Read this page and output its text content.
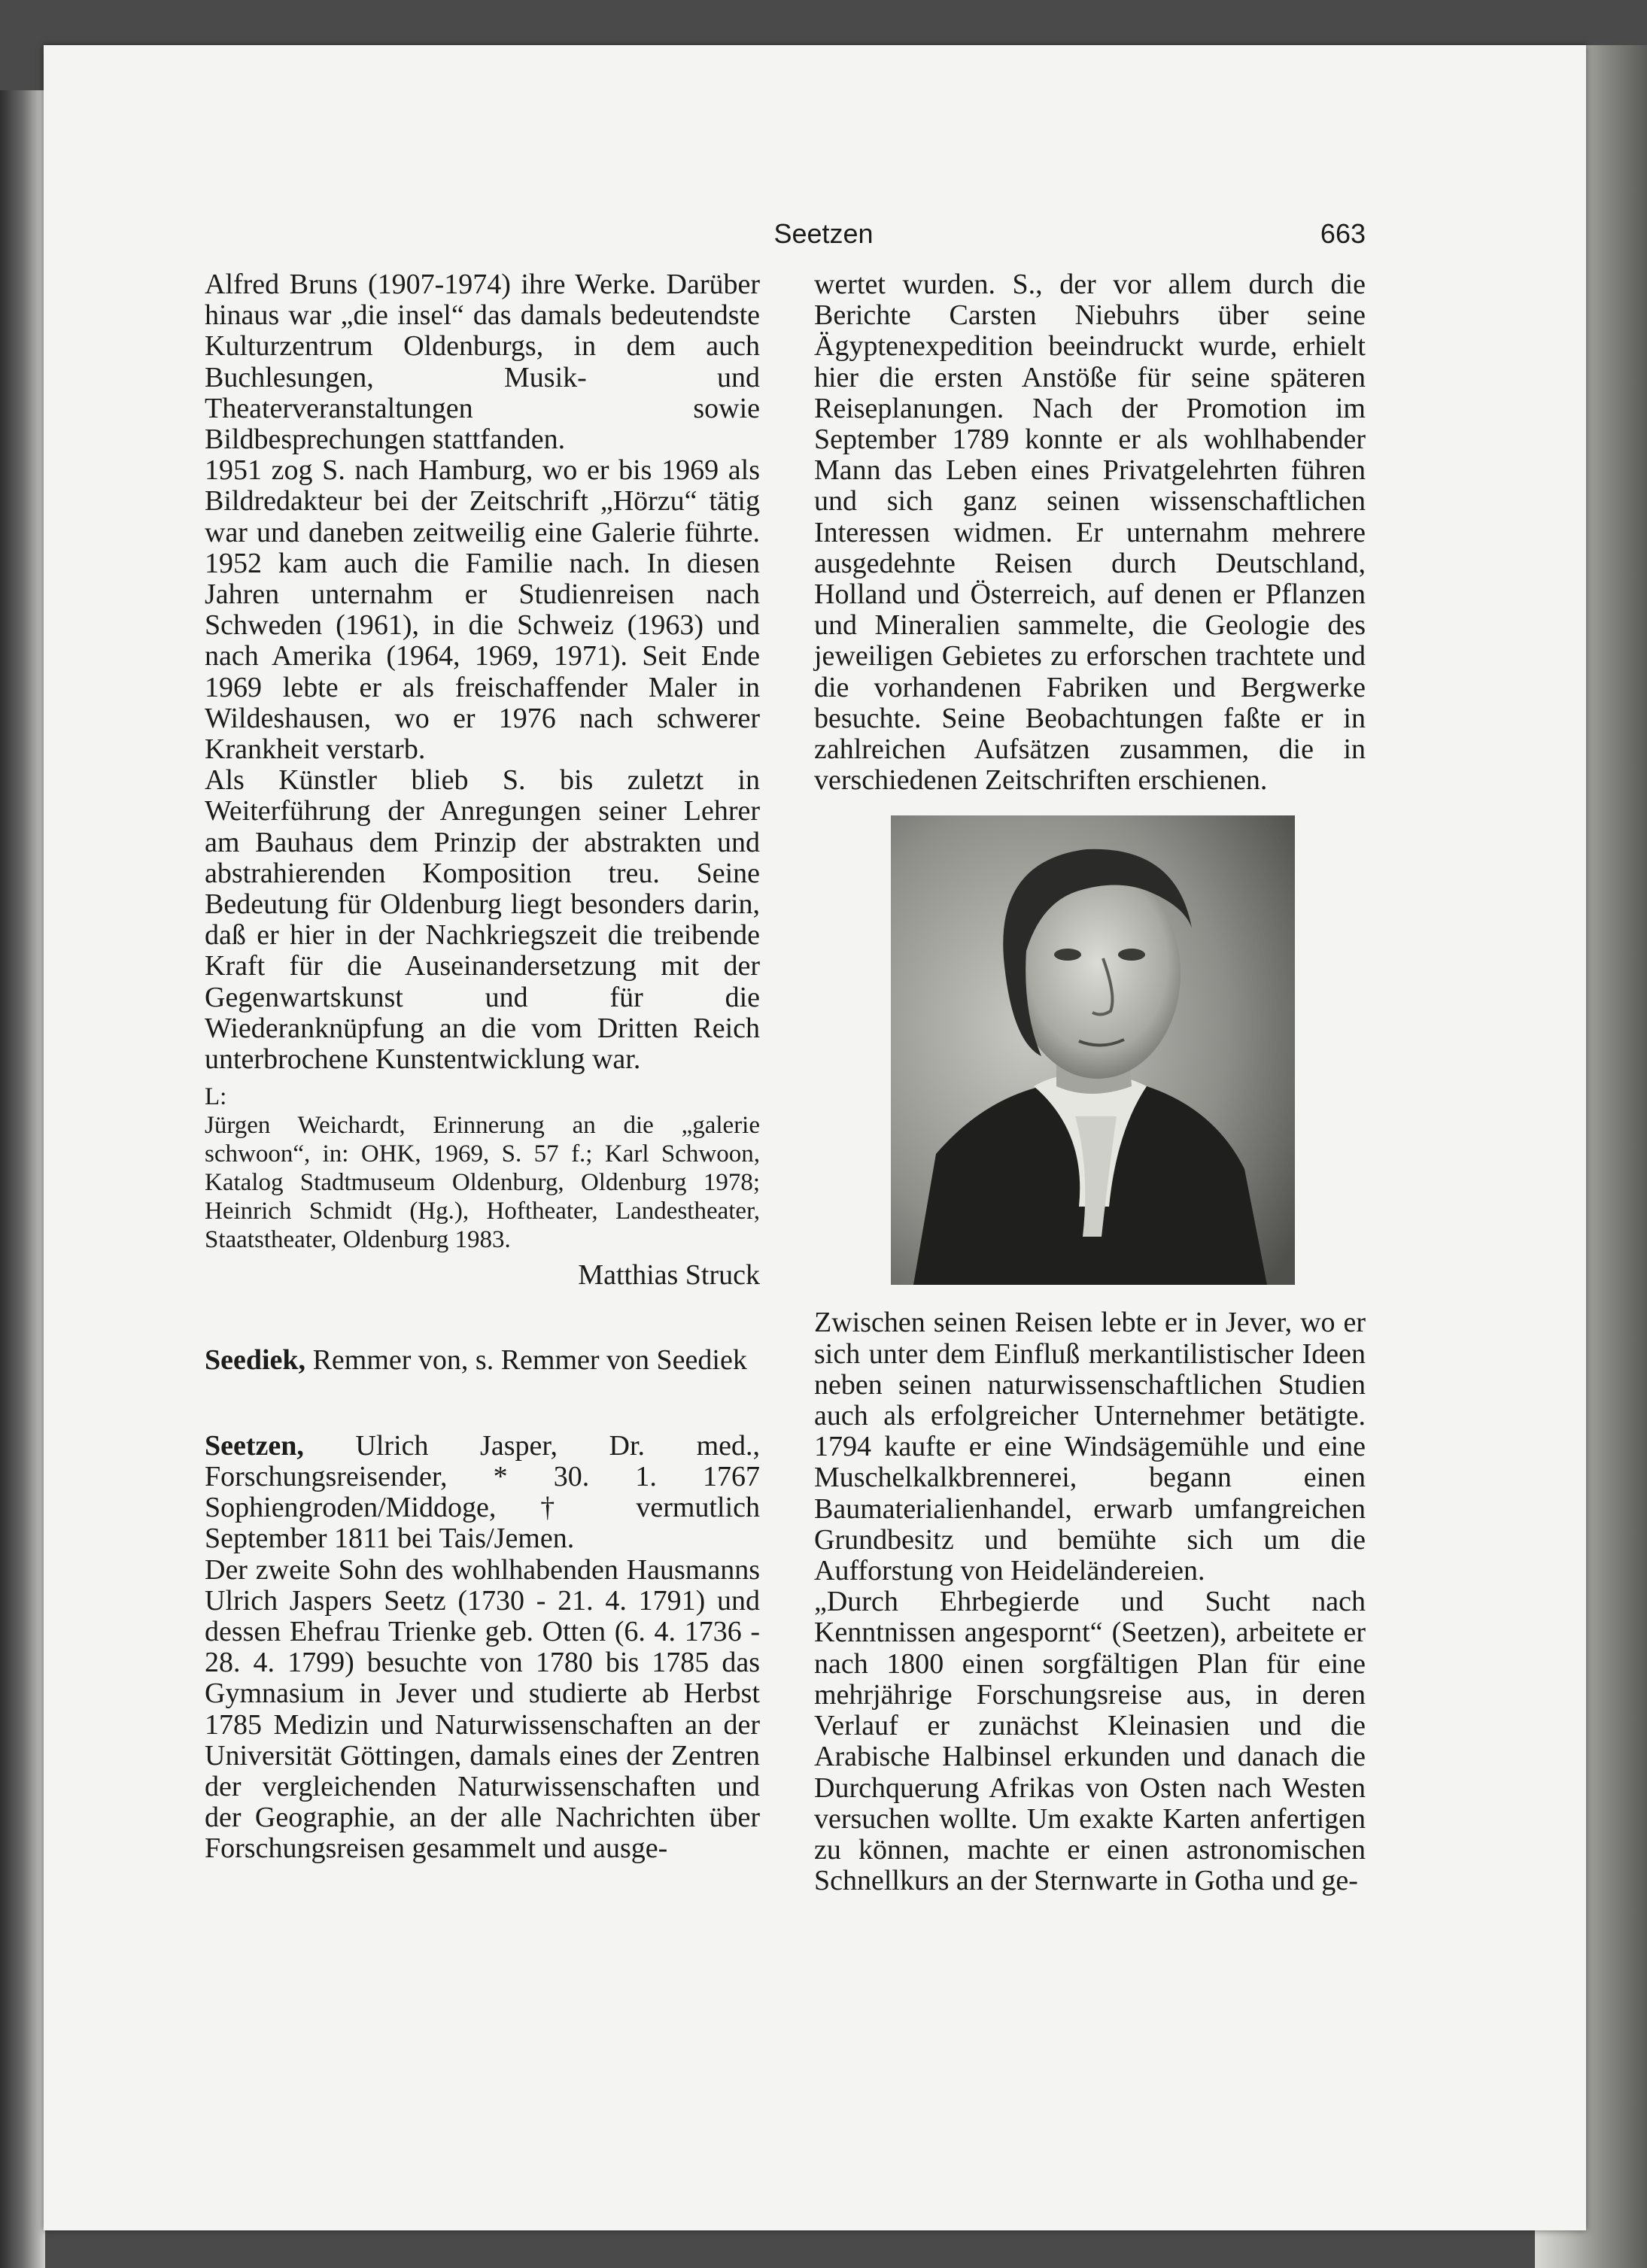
Seetzen	663

Alfred Bruns (1907-1974) ihre Werke. Darüber hinaus war „die insel“ das damals bedeutendste Kulturzentrum Oldenburgs, in dem auch Buchlesungen, Musik- und Theaterveranstaltungen sowie Bildbesprechungen stattfanden.

1951 zog S. nach Hamburg, wo er bis 1969 als Bildredakteur bei der Zeitschrift „Hörzu“ tätig war und daneben zeitweilig eine Galerie führte. 1952 kam auch die Familie nach. In diesen Jahren unternahm er Studienreisen nach Schweden (1961), in die Schweiz (1963) und nach Amerika (1964, 1969, 1971). Seit Ende 1969 lebte er als freischaffender Maler in Wildeshausen, wo er 1976 nach schwerer Krankheit verstarb.

Als Künstler blieb S. bis zuletzt in Weiterführung der Anregungen seiner Lehrer am Bauhaus dem Prinzip der abstrakten und abstrahierenden Komposition treu. Seine Bedeutung für Oldenburg liegt besonders darin, daß er hier in der Nachkriegszeit die treibende Kraft für die Auseinandersetzung mit der Gegenwartskunst und für die Wiederanknüpfung an die vom Dritten Reich unterbrochene Kunstentwicklung war.

L:

Jürgen Weichardt, Erinnerung an die „galerie schwoon“, in: OHK, 1969, S. 57 f.; Karl Schwoon, Katalog Stadtmuseum Oldenburg, Oldenburg 1978; Heinrich Schmidt (Hg.), Hoftheater, Landestheater, Staatstheater, Oldenburg 1983.

Matthias Struck

Seediek, Remmer von, s. Remmer von Seediek

Seetzen, Ulrich Jasper, Dr. med., Forschungsreisender, * 30. 1. 1767 Sophiengroden/Middoge, † vermutlich September 1811 bei Tais/Jemen.

Der zweite Sohn des wohlhabenden Hausmanns Ulrich Jaspers Seetz (1730 - 21. 4. 1791) und dessen Ehefrau Trienke geb. Otten (6. 4. 1736 - 28. 4. 1799) besuchte von 1780 bis 1785 das Gymnasium in Jever und studierte ab Herbst 1785 Medizin und Naturwissenschaften an der Universität Göttingen, damals eines der Zentren der vergleichenden Naturwissenschaften und der Geographie, an der alle Nachrichten über Forschungsreisen gesammelt und ausge-

wertet wurden. S., der vor allem durch die Berichte Carsten Niebuhrs über seine Ägyptenexpedition beeindruckt wurde, erhielt hier die ersten Anstöße für seine späteren Reiseplanungen. Nach der Promotion im September 1789 konnte er als wohlhabender Mann das Leben eines Privatgelehrten führen und sich ganz seinen wissenschaftlichen Interessen widmen. Er unternahm mehrere ausgedehnte Reisen durch Deutschland, Holland und Österreich, auf denen er Pflanzen und Mineralien sammelte, die Geologie des jeweiligen Gebietes zu erforschen trachtete und die vorhandenen Fabriken und Bergwerke besuchte. Seine Beobachtungen faßte er in zahlreichen Aufsätzen zusammen, die in verschiedenen Zeitschriften erschienen.

Zwischen seinen Reisen lebte er in Jever, wo er sich unter dem Einfluß merkantilistischer Ideen neben seinen naturwissenschaftlichen Studien auch als erfolgreicher Unternehmer betätigte. 1794 kaufte er eine Windsägemühle und eine Muschelkalkbrennerei, begann einen Baumaterialienhandel, erwarb umfangreichen Grundbesitz und bemühte sich um die Aufforstung von Heideländereien.

„Durch Ehrbegierde und Sucht nach Kenntnissen angespornt“ (Seetzen), arbeitete er nach 1800 einen sorgfältigen Plan für eine mehrjährige Forschungsreise aus, in deren Verlauf er zunächst Kleinasien und die Arabische Halbinsel erkunden und danach die Durchquerung Afrikas von Osten nach Westen versuchen wollte. Um exakte Karten anfertigen zu können, machte er einen astronomischen Schnellkurs an der Sternwarte in Gotha und ge-
